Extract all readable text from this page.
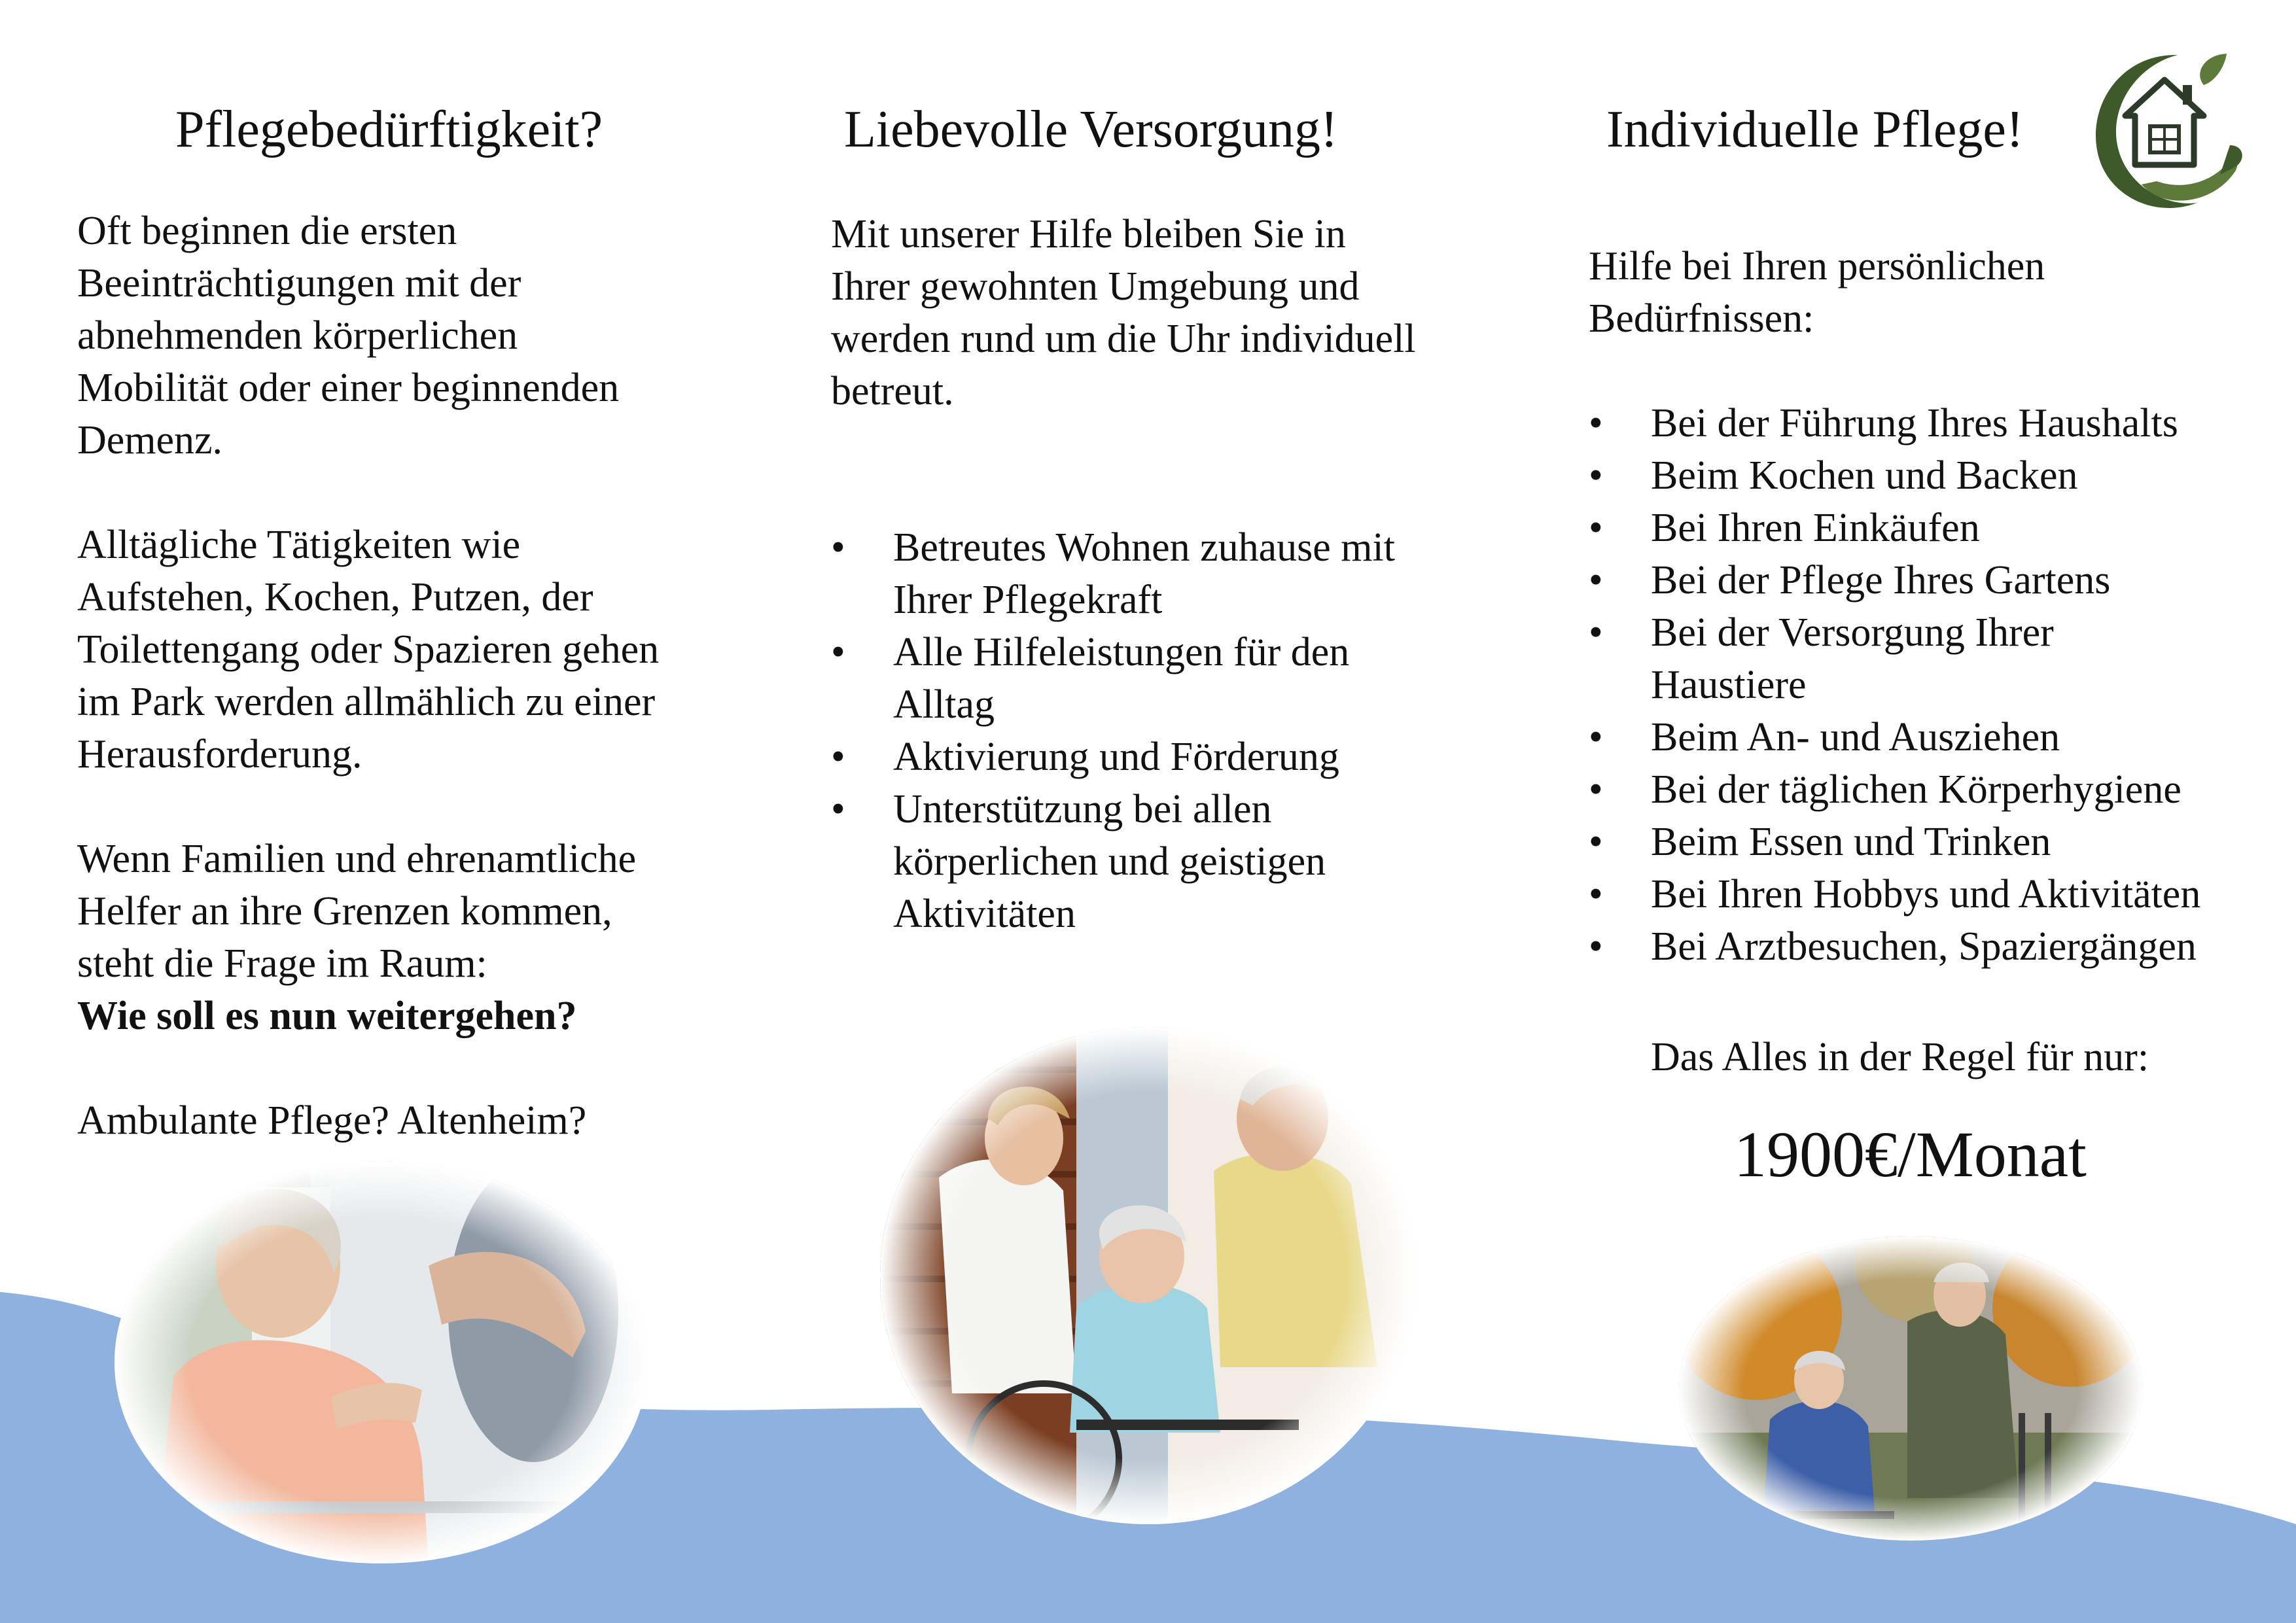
Pflegebedürftigkeit?
Oft beginnen die ersten
Beeinträchtigungen mit der
abnehmenden körperlichen
Mobilität oder einer beginnenden
Demenz.
Alltägliche Tätigkeiten wie
Aufstehen, Kochen, Putzen, der
Toilettengang oder Spazieren gehen
im Park werden allmählich zu einer
Herausforderung.
Wenn Familien und ehrenamtliche
Helfer an ihre Grenzen kommen,
steht die Frage im Raum:
Wie soll es nun weitergehen?
Ambulante Pflege? Altenheim?
Liebevolle Versorgung!
Mit unserer Hilfe bleiben Sie in
Ihrer gewohnten Umgebung und
werden rund um die Uhr individuell
betreut.
• Betreutes Wohnen zuhause mit
Ihrer Pflegekraft
• Alle Hilfeleistungen für den
Alltag
• Aktivierung und Förderung
• Unterstützung bei allen
körperlichen und geistigen
Aktivitäten
Individuelle Pflege!
Hilfe bei Ihren persönlichen
Bedürfnissen:
• Bei der Führung Ihres Haushalts
• Beim Kochen und Backen
• Bei Ihren Einkäufen
• Bei der Pflege Ihres Gartens
• Bei der Versorgung Ihrer
Haustiere
• Beim An- und Ausziehen
• Bei der täglichen Körperhygiene
• Beim Essen und Trinken
• Bei Ihren Hobbys und Aktivitäten
• Bei Arztbesuchen, Spaziergängen
Das Alles in der Regel für nur:
1900€/Monat
